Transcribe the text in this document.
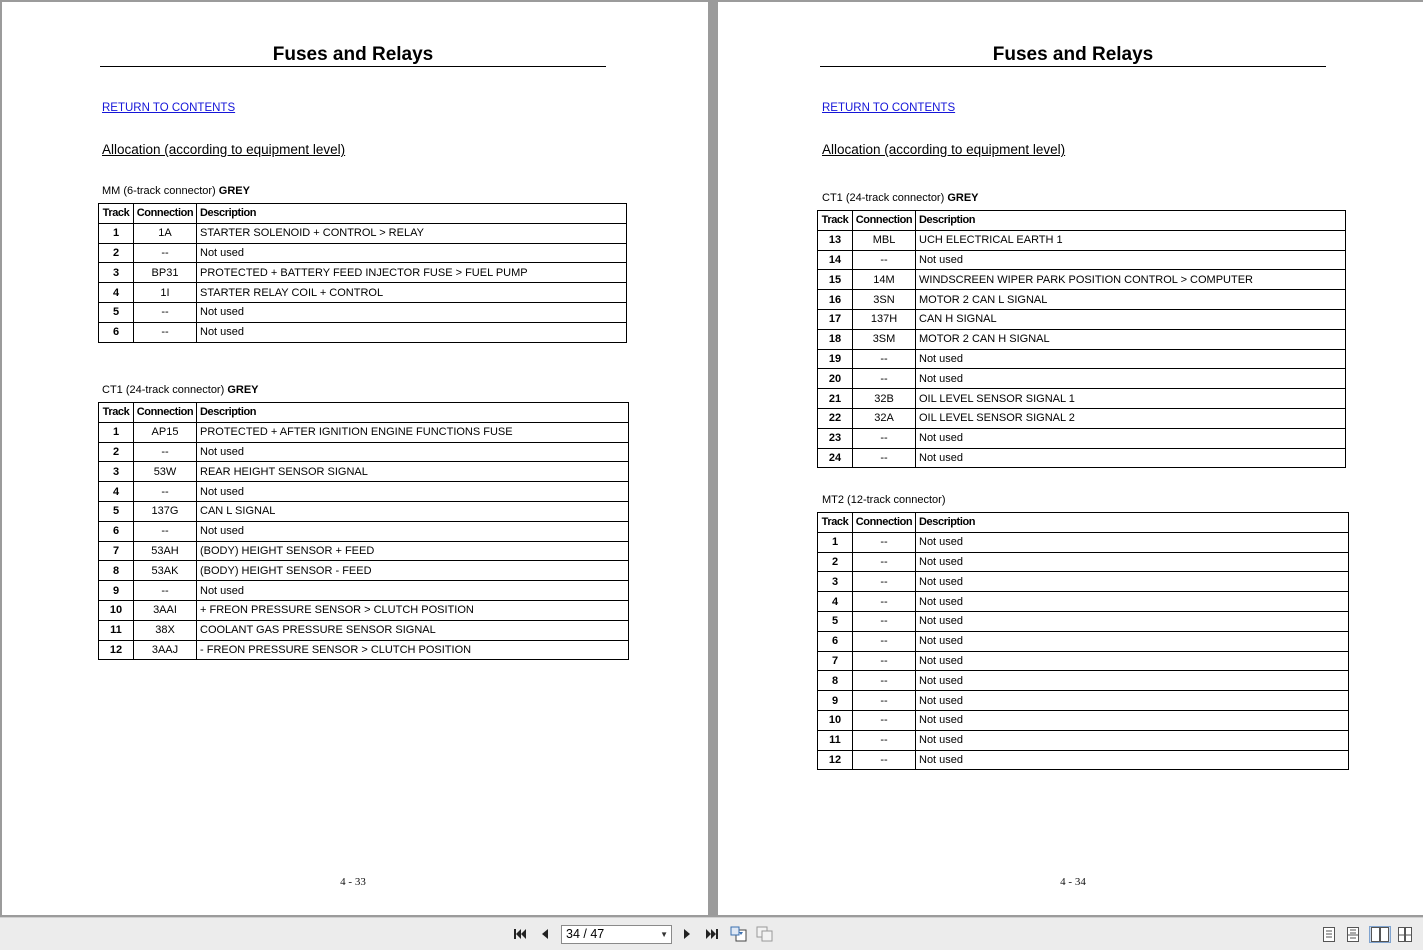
Fuses and Relays
RETURN TO CONTENTS
Allocation (according to equipment level)
MM (6-track connector) GREY
Track	Connection	Description
1	1A	STARTER SOLENOID + CONTROL > RELAY
2	--	Not used
3	BP31	PROTECTED + BATTERY FEED INJECTOR FUSE > FUEL PUMP
4	1I	STARTER RELAY COIL + CONTROL
5	--	Not used
6	--	Not used
CT1 (24-track connector) GREY
Track	Connection	Description
1	AP15	PROTECTED + AFTER IGNITION ENGINE FUNCTIONS FUSE
2	--	Not used
3	53W	REAR HEIGHT SENSOR SIGNAL
4	--	Not used
5	137G	CAN L SIGNAL
6	--	Not used
7	53AH	(BODY) HEIGHT SENSOR + FEED
8	53AK	(BODY) HEIGHT SENSOR - FEED
9	--	Not used
10	3AAI	+ FREON PRESSURE SENSOR > CLUTCH POSITION
11	38X	COOLANT GAS PRESSURE SENSOR SIGNAL
12	3AAJ	- FREON PRESSURE SENSOR > CLUTCH POSITION
4 - 33
Fuses and Relays
RETURN TO CONTENTS
Allocation (according to equipment level)
CT1 (24-track connector) GREY
Track	Connection	Description
13	MBL	UCH ELECTRICAL EARTH 1
14	--	Not used
15	14M	WINDSCREEN WIPER PARK POSITION CONTROL > COMPUTER
16	3SN	MOTOR 2 CAN L SIGNAL
17	137H	CAN H SIGNAL
18	3SM	MOTOR 2 CAN H SIGNAL
19	--	Not used
20	--	Not used
21	32B	OIL LEVEL SENSOR SIGNAL 1
22	32A	OIL LEVEL SENSOR SIGNAL 2
23	--	Not used
24	--	Not used
MT2 (12-track connector)
Track	Connection	Description
1	--	Not used
2	--	Not used
3	--	Not used
4	--	Not used
5	--	Not used
6	--	Not used
7	--	Not used
8	--	Not used
9	--	Not used
10	--	Not used
11	--	Not used
12	--	Not used
4 - 34
34 / 47	▼
